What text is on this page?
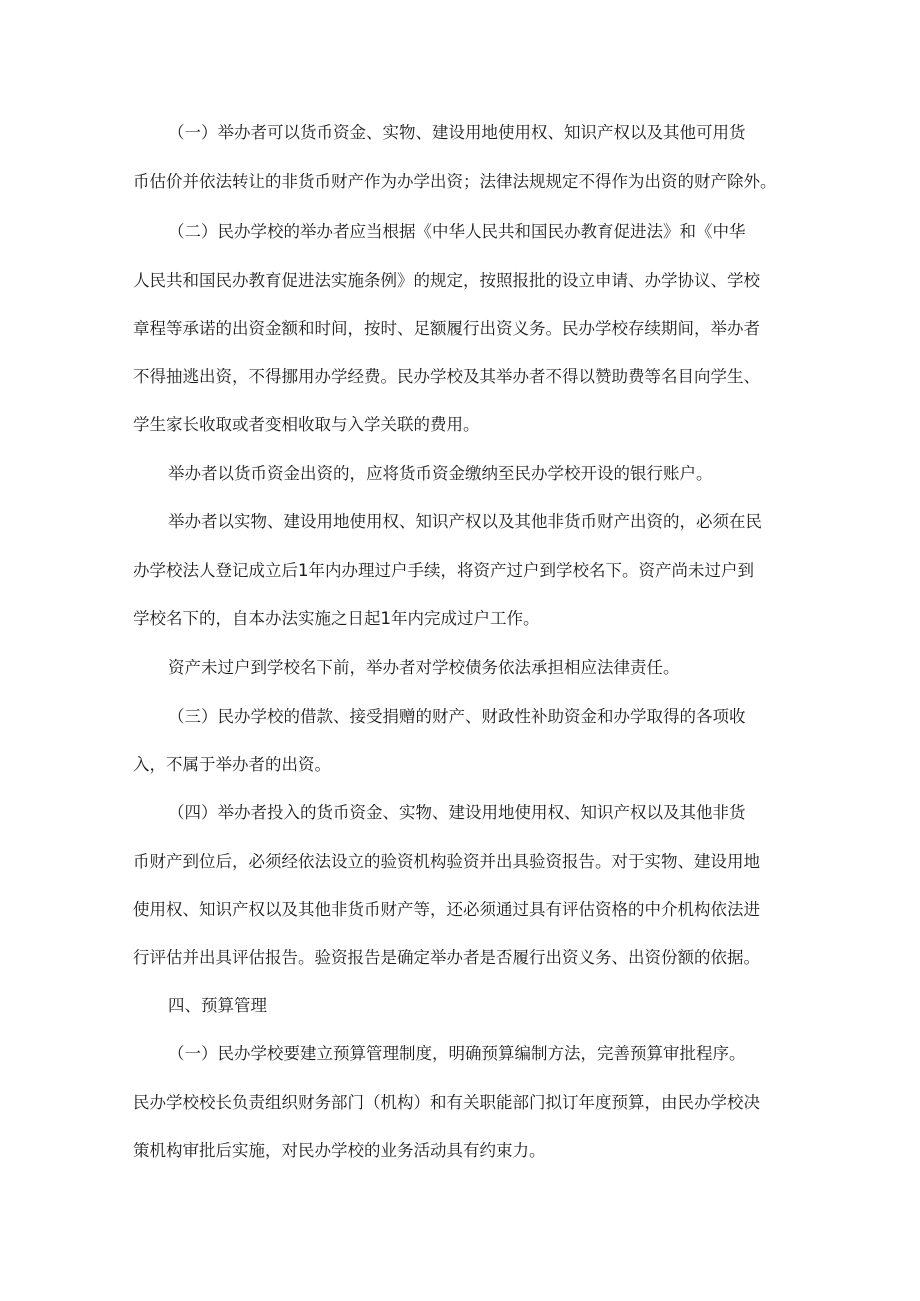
（一）举办者可以货币资金、实物、建设用地使用权、知识产权以及其他可用货

币估价并依法转让的非货币财产作为办学出资；法律法规规定不得作为出资的财产除外。

（二）民办学校的举办者应当根据《中华人民共和国民办教育促进法》和《中华

人民共和国民办教育促进法实施条例》的规定，按照报批的设立申请、办学协议、学校

章程等承诺的出资金额和时间，按时、足额履行出资义务。民办学校存续期间，举办者

不得抽逃出资，不得挪用办学经费。民办学校及其举办者不得以赞助费等名目向学生、

学生家长收取或者变相收取与入学关联的费用。

举办者以货币资金出资的，应将货币资金缴纳至民办学校开设的银行账户。

举办者以实物、建设用地使用权、知识产权以及其他非货币财产出资的，必须在民

办学校法人登记成立后1年内办理过户手续，将资产过户到学校名下。资产尚未过户到

学校名下的，自本办法实施之日起1年内完成过户工作。

资产未过户到学校名下前，举办者对学校债务依法承担相应法律责任。

（三）民办学校的借款、接受捐赠的财产、财政性补助资金和办学取得的各项收

入，不属于举办者的出资。

（四）举办者投入的货币资金、实物、建设用地使用权、知识产权以及其他非货

币财产到位后，必须经依法设立的验资机构验资并出具验资报告。对于实物、建设用地

使用权、知识产权以及其他非货币财产等，还必须通过具有评估资格的中介机构依法进

行评估并出具评估报告。验资报告是确定举办者是否履行出资义务、出资份额的依据。

四、预算管理

（一）民办学校要建立预算管理制度，明确预算编制方法，完善预算审批程序。

民办学校校长负责组织财务部门（机构）和有关职能部门拟订年度预算，由民办学校决

策机构审批后实施，对民办学校的业务活动具有约束力。
